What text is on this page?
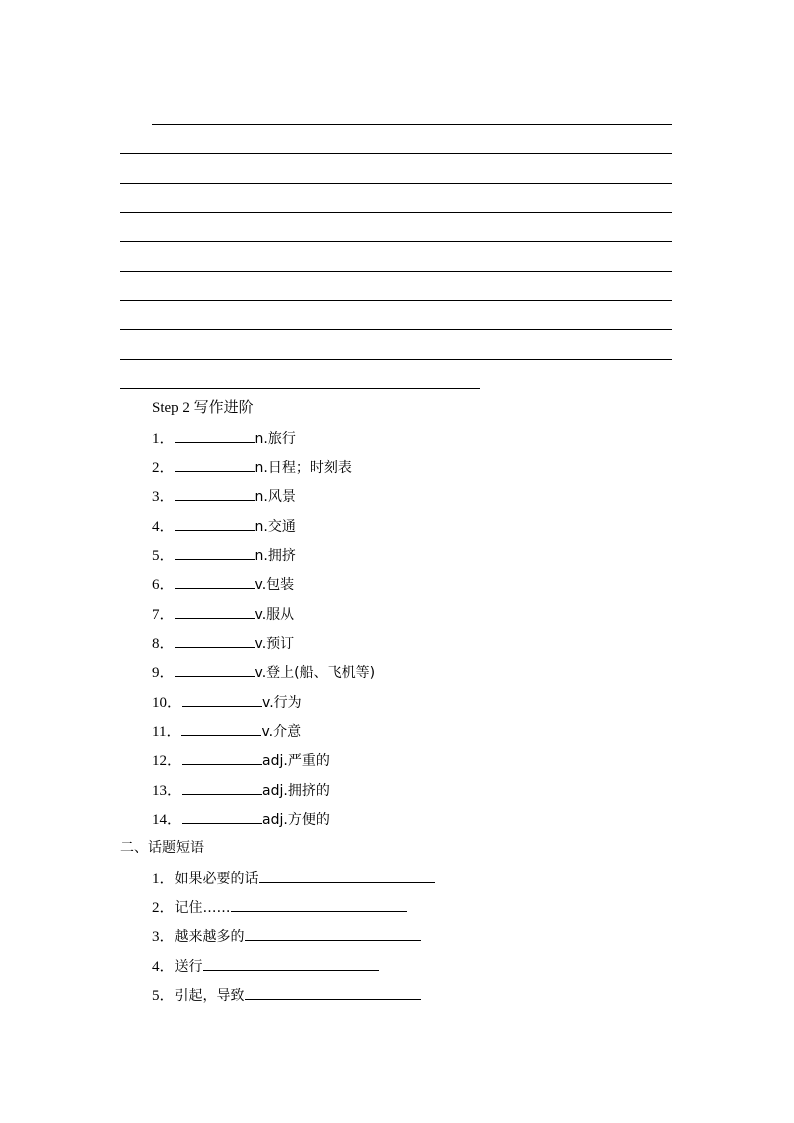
Step 2 写作进阶
1．	n.旅行
2．	n.日程；时刻表
3．	n.风景
4．	n.交通
5．	n.拥挤
6．	v.包装
7．	v.服从
8．	v.预订
9．	v.登上(船、飞机等)
10．	v.行为
11．	v.介意
12．	adj.严重的
13．	adj.拥挤的
14．	adj.方便的
二、话题短语
1．如果必要的话
2．记住……
3．越来越多的
4．送行
5．引起，导致
